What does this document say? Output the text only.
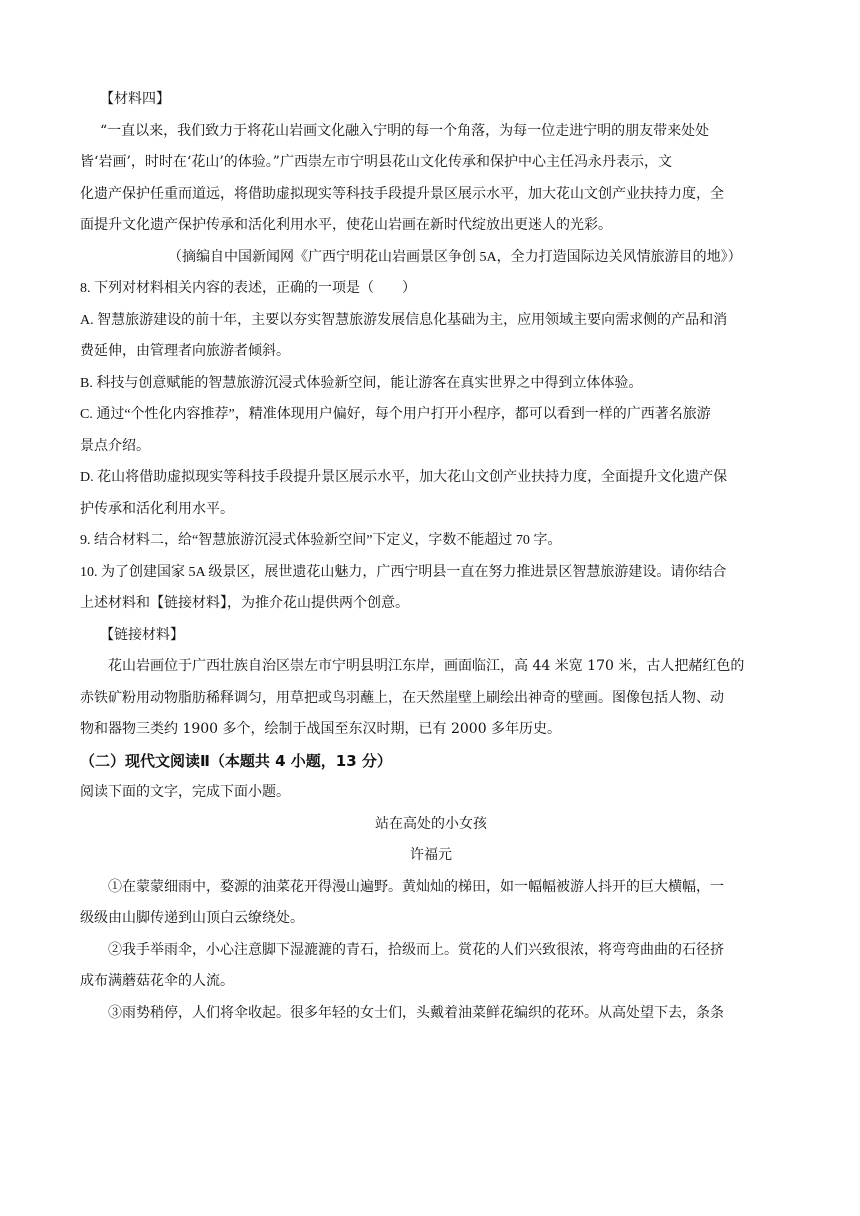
【材料四】

“一直以来，我们致力于将花山岩画文化融入宁明的每一个角落，为每一位走进宁明的朋友带来处处

皆‘岩画’，时时在‘花山’的体验。”广西崇左市宁明县花山文化传承和保护中心主任冯永丹表示，文

化遗产保护任重而道远，将借助虚拟现实等科技手段提升景区展示水平，加大花山文创产业扶持力度，全

面提升文化遗产保护传承和活化利用水平，使花山岩画在新时代绽放出更迷人的光彩。

（摘编自中国新闻网《广西宁明花山岩画景区争创 5A，全力打造国际边关风情旅游目的地》）

8. 下列对材料相关内容的表述，正确的一项是（　　）

A. 智慧旅游建设的前十年，主要以夯实智慧旅游发展信息化基础为主，应用领域主要向需求侧的产品和消

费延伸，由管理者向旅游者倾斜。

B. 科技与创意赋能的智慧旅游沉浸式体验新空间，能让游客在真实世界之中得到立体体验。

C. 通过“个性化内容推荐”，精准体现用户偏好，每个用户打开小程序，都可以看到一样的广西著名旅游

景点介绍。

D. 花山将借助虚拟现实等科技手段提升景区展示水平，加大花山文创产业扶持力度，全面提升文化遗产保

护传承和活化利用水平。

9. 结合材料二，给“智慧旅游沉浸式体验新空间”下定义，字数不能超过 70 字。

10. 为了创建国家 5A 级景区，展世遗花山魅力，广西宁明县一直在努力推进景区智慧旅游建设。请你结合

上述材料和【链接材料】，为推介花山提供两个创意。

【链接材料】

花山岩画位于广西壮族自治区崇左市宁明县明江东岸，画面临江，高 44 米宽 170 米，古人把赭红色的

赤铁矿粉用动物脂肪稀释调匀，用草把或鸟羽蘸上，在天然崖壁上刷绘出神奇的壁画。图像包括人物、动

物和器物三类约 1900 多个，绘制于战国至东汉时期，已有 2000 多年历史。

（二）现代文阅读Ⅱ（本题共 4 小题，13 分）

阅读下面的文字，完成下面小题。

站在高处的小女孩

许福元

①在蒙蒙细雨中，婺源的油菜花开得漫山遍野。黄灿灿的梯田，如一幅幅被游人抖开的巨大横幅，一

级级由山脚传递到山顶白云缭绕处。

②我手举雨伞，小心注意脚下湿漉漉的青石，拾级而上。赏花的人们兴致很浓，将弯弯曲曲的石径挤

成布满蘑菇花伞的人流。

③雨势稍停，人们将伞收起。很多年轻的女士们，头戴着油菜鲜花编织的花环。从高处望下去，条条
